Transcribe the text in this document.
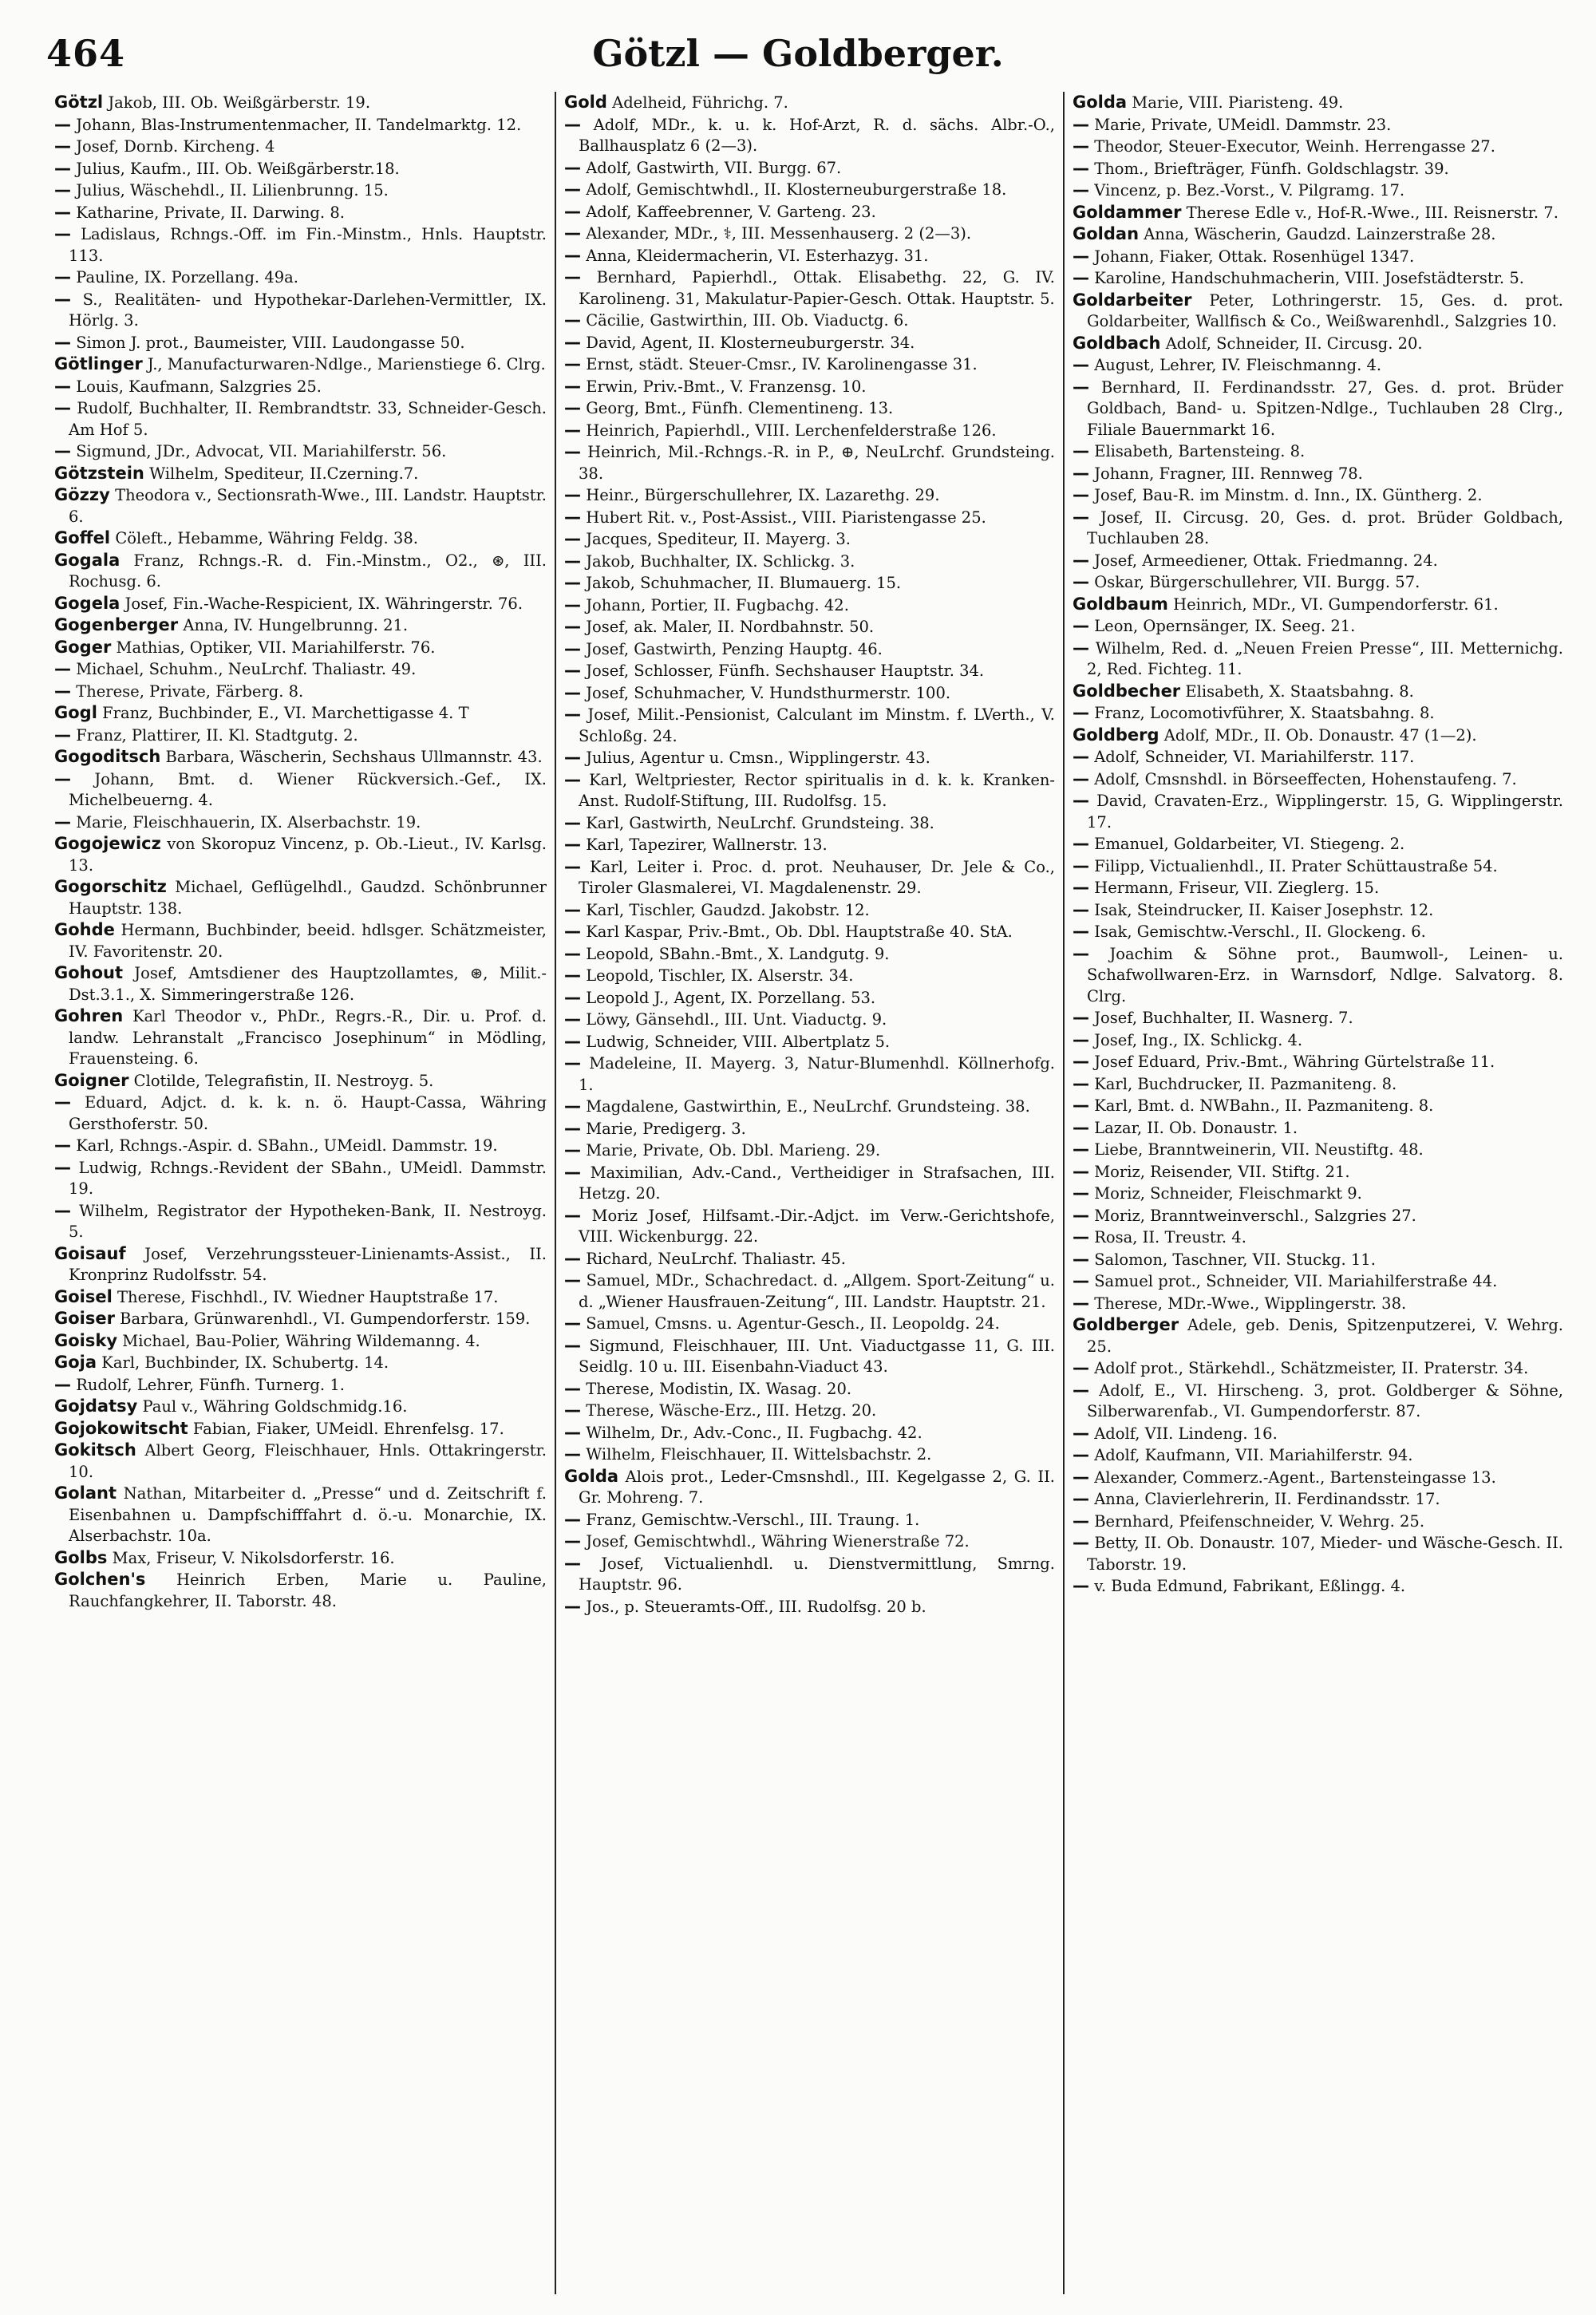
464	Götzl — Goldberger.

Götzl Jakob, III. Ob. Weißgärberstr. 19.

— Johann, Blas-Instrumentenmacher, II. Tandelmarktg. 12.

— Josef, Dornb. Kircheng. 4

— Julius, Kaufm., III. Ob. Weißgärberstr.18.

— Julius, Wäschehdl., II. Lilienbrunng. 15.

— Katharine, Private, II. Darwing. 8.

— Ladislaus, Rchngs.-Off. im Fin.-Minstm., Hnls. Hauptstr. 113.

— Pauline, IX. Porzellang. 49a.

— S., Realitäten- und Hypothekar-Darlehen-Vermittler, IX. Hörlg. 3.

— Simon J. prot., Baumeister, VIII. Laudongasse 50.

Götlinger J., Manufacturwaren-Ndlge., Marienstiege 6. Clrg.

— Louis, Kaufmann, Salzgries 25.

— Rudolf, Buchhalter, II. Rembrandtstr. 33, Schneider-Gesch. Am Hof 5.

— Sigmund, JDr., Advocat, VII. Mariahilferstr. 56.

Götzstein Wilhelm, Spediteur, II.Czerning.7.

Gözzy Theodora v., Sectionsrath-Wwe., III. Landstr. Hauptstr. 6.

Goffel Cöleft., Hebamme, Währing Feldg. 38.

Gogala Franz, Rchngs.-R. d. Fin.-Minstm., O2., ⊛, III. Rochusg. 6.

Gogela Josef, Fin.-Wache-Respicient, IX. Währingerstr. 76.

Gogenberger Anna, IV. Hungelbrunng. 21.

Goger Mathias, Optiker, VII. Mariahilferstr. 76.

— Michael, Schuhm., NeuLrchf. Thaliastr. 49.

— Therese, Private, Färberg. 8.

Gogl Franz, Buchbinder, E., VI. Marchettigasse 4. T

— Franz, Plattirer, II. Kl. Stadtgutg. 2.

Gogoditsch Barbara, Wäscherin, Sechshaus Ullmannstr. 43.

— Johann, Bmt. d. Wiener Rückversich.-Gef., IX. Michelbeuerng. 4.

— Marie, Fleischhauerin, IX. Alserbachstr. 19.

Gogojewicz von Skoropuz Vincenz, p. Ob.-Lieut., IV. Karlsg. 13.

Gogorschitz Michael, Geflügelhdl., Gaudzd. Schönbrunner Hauptstr. 138.

Gohde Hermann, Buchbinder, beeid. hdlsger. Schätzmeister, IV. Favoritenstr. 20.

Gohout Josef, Amtsdiener des Hauptzollamtes, ⊛, Milit.-Dst.3.1., X. Simmeringerstraße 126.

Gohren Karl Theodor v., PhDr., Regrs.-R., Dir. u. Prof. d. landw. Lehranstalt „Francisco Josephinum“ in Mödling, Frauensteing. 6.

Goigner Clotilde, Telegrafistin, II. Nestroyg. 5.

— Eduard, Adjct. d. k. k. n. ö. Haupt-Cassa, Währing Gersthoferstr. 50.

— Karl, Rchngs.-Aspir. d. SBahn., UMeidl. Dammstr. 19.

— Ludwig, Rchngs.-Revident der SBahn., UMeidl. Dammstr. 19.

— Wilhelm, Registrator der Hypotheken-Bank, II. Nestroyg. 5.

Goisauf Josef, Verzehrungssteuer-Linienamts-Assist., II. Kronprinz Rudolfsstr. 54.

Goisel Therese, Fischhdl., IV. Wiedner Hauptstraße 17.

Goiser Barbara, Grünwarenhdl., VI. Gumpendorferstr. 159.

Goisky Michael, Bau-Polier, Währing Wildemanng. 4.

Goja Karl, Buchbinder, IX. Schubertg. 14.

— Rudolf, Lehrer, Fünfh. Turnerg. 1.

Gojdatsy Paul v., Währing Goldschmidg.16.

Gojokowitscht Fabian, Fiaker, UMeidl. Ehrenfelsg. 17.

Gokitsch Albert Georg, Fleischhauer, Hnls. Ottakringerstr. 10.

Golant Nathan, Mitarbeiter d. „Presse“ und d. Zeitschrift f. Eisenbahnen u. Dampfschifffahrt d. ö.-u. Monarchie, IX. Alserbachstr. 10a.

Golbs Max, Friseur, V. Nikolsdorferstr. 16.

Golchen's Heinrich Erben, Marie u. Pauline, Rauchfangkehrer, II. Taborstr. 48.

Gold Adelheid, Führichg. 7.

— Adolf, MDr., k. u. k. Hof-Arzt, R. d. sächs. Albr.-O., Ballhausplatz 6 (2—3).

— Adolf, Gastwirth, VII. Burgg. 67.

— Adolf, Gemischtwhdl., II. Klosterneuburgerstraße 18.

— Adolf, Kaffeebrenner, V. Garteng. 23.

— Alexander, MDr., ⚕, III. Messenhauserg. 2 (2—3).

— Anna, Kleidermacherin, VI. Esterhazyg. 31.

— Bernhard, Papierhdl., Ottak. Elisabethg. 22, G. IV. Karolineng. 31, Makulatur-Papier-Gesch. Ottak. Hauptstr. 5.

— Cäcilie, Gastwirthin, III. Ob. Viaductg. 6.

— David, Agent, II. Klosterneuburgerstr. 34.

— Ernst, städt. Steuer-Cmsr., IV. Karolinengasse 31.

— Erwin, Priv.-Bmt., V. Franzensg. 10.

— Georg, Bmt., Fünfh. Clementineng. 13.

— Heinrich, Papierhdl., VIII. Lerchenfelderstraße 126.

— Heinrich, Mil.-Rchngs.-R. in P., ⊕, NeuLrchf. Grundsteing. 38.

— Heinr., Bürgerschullehrer, IX. Lazarethg. 29.

— Hubert Rit. v., Post-Assist., VIII. Piaristengasse 25.

— Jacques, Spediteur, II. Mayerg. 3.

— Jakob, Buchhalter, IX. Schlickg. 3.

— Jakob, Schuhmacher, II. Blumauerg. 15.

— Johann, Portier, II. Fugbachg. 42.

— Josef, ak. Maler, II. Nordbahnstr. 50.

— Josef, Gastwirth, Penzing Hauptg. 46.

— Josef, Schlosser, Fünfh. Sechshauser Hauptstr. 34.

— Josef, Schuhmacher, V. Hundsthurmerstr. 100.

— Josef, Milit.-Pensionist, Calculant im Minstm. f. LVerth., V. Schloßg. 24.

— Julius, Agentur u. Cmsn., Wipplingerstr. 43.

— Karl, Weltpriester, Rector spiritualis in d. k. k. Kranken-Anst. Rudolf-Stiftung, III. Rudolfsg. 15.

— Karl, Gastwirth, NeuLrchf. Grundsteing. 38.

— Karl, Tapezirer, Wallnerstr. 13.

— Karl, Leiter i. Proc. d. prot. Neuhauser, Dr. Jele & Co., Tiroler Glasmalerei, VI. Magdalenenstr. 29.

— Karl, Tischler, Gaudzd. Jakobstr. 12.

— Karl Kaspar, Priv.-Bmt., Ob. Dbl. Hauptstraße 40. StA.

— Leopold, SBahn.-Bmt., X. Landgutg. 9.

— Leopold, Tischler, IX. Alserstr. 34.

— Leopold J., Agent, IX. Porzellang. 53.

— Löwy, Gänsehdl., III. Unt. Viaductg. 9.

— Ludwig, Schneider, VIII. Albertplatz 5.

— Madeleine, II. Mayerg. 3, Natur-Blumenhdl. Köllnerhofg. 1.

— Magdalene, Gastwirthin, E., NeuLrchf. Grundsteing. 38.

— Marie, Predigerg. 3.

— Marie, Private, Ob. Dbl. Marieng. 29.

— Maximilian, Adv.-Cand., Vertheidiger in Strafsachen, III. Hetzg. 20.

— Moriz Josef, Hilfsamt.-Dir.-Adjct. im Verw.-Gerichtshofe, VIII. Wickenburgg. 22.

— Richard, NeuLrchf. Thaliastr. 45.

— Samuel, MDr., Schachredact. d. „Allgem. Sport-Zeitung“ u. d. „Wiener Hausfrauen-Zeitung“, III. Landstr. Hauptstr. 21.

— Samuel, Cmsns. u. Agentur-Gesch., II. Leopoldg. 24.

— Sigmund, Fleischhauer, III. Unt. Viaductgasse 11, G. III. Seidlg. 10 u. III. Eisenbahn-Viaduct 43.

— Therese, Modistin, IX. Wasag. 20.

— Therese, Wäsche-Erz., III. Hetzg. 20.

— Wilhelm, Dr., Adv.-Conc., II. Fugbachg. 42.

— Wilhelm, Fleischhauer, II. Wittelsbachstr. 2.

Golda Alois prot., Leder-Cmsnshdl., III. Kegelgasse 2, G. II. Gr. Mohreng. 7.

— Franz, Gemischtw.-Verschl., III. Traung. 1.

— Josef, Gemischtwhdl., Währing Wienerstraße 72.

— Josef, Victualienhdl. u. Dienstvermittlung, Smrng. Hauptstr. 96.

— Jos., p. Steueramts-Off., III. Rudolfsg. 20 b.

Golda Marie, VIII. Piaristeng. 49.

— Marie, Private, UMeidl. Dammstr. 23.

— Theodor, Steuer-Executor, Weinh. Herrengasse 27.

— Thom., Briefträger, Fünfh. Goldschlagstr. 39.

— Vincenz, p. Bez.-Vorst., V. Pilgramg. 17.

Goldammer Therese Edle v., Hof-R.-Wwe., III. Reisnerstr. 7.

Goldan Anna, Wäscherin, Gaudzd. Lainzerstraße 28.

— Johann, Fiaker, Ottak. Rosenhügel 1347.

— Karoline, Handschuhmacherin, VIII. Josefstädterstr. 5.

Goldarbeiter Peter, Lothringerstr. 15, Ges. d. prot. Goldarbeiter, Wallfisch & Co., Weißwarenhdl., Salzgries 10.

Goldbach Adolf, Schneider, II. Circusg. 20.

— August, Lehrer, IV. Fleischmanng. 4.

— Bernhard, II. Ferdinandsstr. 27, Ges. d. prot. Brüder Goldbach, Band- u. Spitzen-Ndlge., Tuchlauben 28 Clrg., Filiale Bauernmarkt 16.

— Elisabeth, Bartensteing. 8.

— Johann, Fragner, III. Rennweg 78.

— Josef, Bau-R. im Minstm. d. Inn., IX. Güntherg. 2.

— Josef, II. Circusg. 20, Ges. d. prot. Brüder Goldbach, Tuchlauben 28.

— Josef, Armeediener, Ottak. Friedmanng. 24.

— Oskar, Bürgerschullehrer, VII. Burgg. 57.

Goldbaum Heinrich, MDr., VI. Gumpendorferstr. 61.

— Leon, Opernsänger, IX. Seeg. 21.

— Wilhelm, Red. d. „Neuen Freien Presse“, III. Metternichg. 2, Red. Fichteg. 11.

Goldbecher Elisabeth, X. Staatsbahng. 8.

— Franz, Locomotivführer, X. Staatsbahng. 8.

Goldberg Adolf, MDr., II. Ob. Donaustr. 47 (1—2).

— Adolf, Schneider, VI. Mariahilferstr. 117.

— Adolf, Cmsnshdl. in Börseeffecten, Hohenstaufeng. 7.

— David, Cravaten-Erz., Wipplingerstr. 15, G. Wipplingerstr. 17.

— Emanuel, Goldarbeiter, VI. Stiegeng. 2.

— Filipp, Victualienhdl., II. Prater Schüttaustraße 54.

— Hermann, Friseur, VII. Zieglerg. 15.

— Isak, Steindrucker, II. Kaiser Josephstr. 12.

— Isak, Gemischtw.-Verschl., II. Glockeng. 6.

— Joachim & Söhne prot., Baumwoll-, Leinen- u. Schafwollwaren-Erz. in Warnsdorf, Ndlge. Salvatorg. 8. Clrg.

— Josef, Buchhalter, II. Wasnerg. 7.

— Josef, Ing., IX. Schlickg. 4.

— Josef Eduard, Priv.-Bmt., Währing Gürtelstraße 11.

— Karl, Buchdrucker, II. Pazmaniteng. 8.

— Karl, Bmt. d. NWBahn., II. Pazmaniteng. 8.

— Lazar, II. Ob. Donaustr. 1.

— Liebe, Branntweinerin, VII. Neustiftg. 48.

— Moriz, Reisender, VII. Stiftg. 21.

— Moriz, Schneider, Fleischmarkt 9.

— Moriz, Branntweinverschl., Salzgries 27.

— Rosa, II. Treustr. 4.

— Salomon, Taschner, VII. Stuckg. 11.

— Samuel prot., Schneider, VII. Mariahilferstraße 44.

— Therese, MDr.-Wwe., Wipplingerstr. 38.

Goldberger Adele, geb. Denis, Spitzenputzerei, V. Wehrg. 25.

— Adolf prot., Stärkehdl., Schätzmeister, II. Praterstr. 34.

— Adolf, E., VI. Hirscheng. 3, prot. Goldberger & Söhne, Silberwarenfab., VI. Gumpendorferstr. 87.

— Adolf, VII. Lindeng. 16.

— Adolf, Kaufmann, VII. Mariahilferstr. 94.

— Alexander, Commerz.-Agent., Bartensteingasse 13.

— Anna, Clavierlehrerin, II. Ferdinandsstr. 17.

— Bernhard, Pfeifenschneider, V. Wehrg. 25.

— Betty, II. Ob. Donaustr. 107, Mieder- und Wäsche-Gesch. II. Taborstr. 19.

— v. Buda Edmund, Fabrikant, Eßlingg. 4.
